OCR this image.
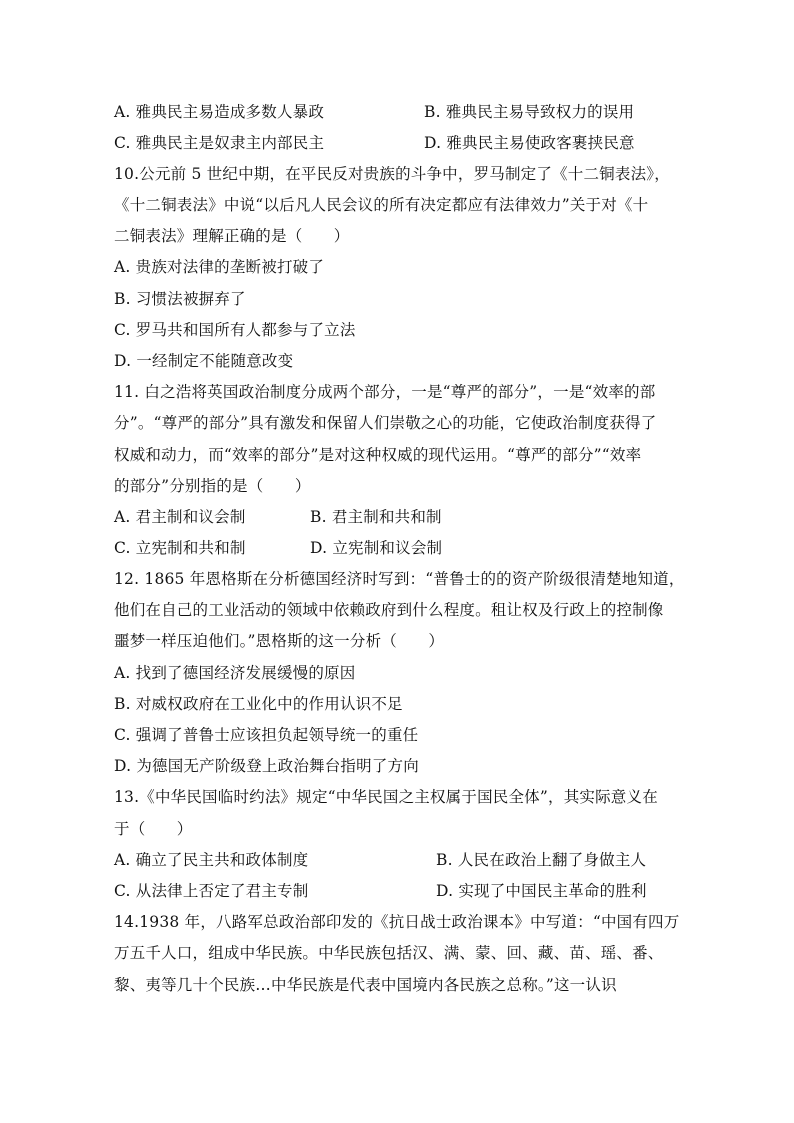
A. 雅典民主易造成多数人暴政	B. 雅典民主易导致权力的误用
C. 雅典民主是奴隶主内部民主	D. 雅典民主易使政客裹挟民意
10.公元前 5 世纪中期，在平民反对贵族的斗争中，罗马制定了《十二铜表法》，
《十二铜表法》中说“以后凡人民会议的所有决定都应有法律效力”关于对《十
二铜表法》理解正确的是（　　）
A. 贵族对法律的垄断被打破了
B. 习惯法被摒弃了
C. 罗马共和国所有人都参与了立法
D. 一经制定不能随意改变
11. 白之浩将英国政治制度分成两个部分，一是“尊严的部分”，一是“效率的部
分”。“尊严的部分”具有激发和保留人们崇敬之心的功能，它使政治制度获得了
权威和动力，而“效率的部分”是对这种权威的现代运用。“尊严的部分”“效率
的部分”分别指的是（　　）
A. 君主制和议会制	B. 君主制和共和制
C. 立宪制和共和制	D. 立宪制和议会制
12. 1865 年恩格斯在分析德国经济时写到：“普鲁士的的资产阶级很清楚地知道，
他们在自己的工业活动的领域中依赖政府到什么程度。租让权及行政上的控制像
噩梦一样压迫他们。”恩格斯的这一分析（　　）
A. 找到了德国经济发展缓慢的原因
B. 对威权政府在工业化中的作用认识不足
C. 强调了普鲁士应该担负起领导统一的重任
D. 为德国无产阶级登上政治舞台指明了方向
13.《中华民国临时约法》规定“中华民国之主权属于国民全体”，其实际意义在
于（　　）
A. 确立了民主共和政体制度	B. 人民在政治上翻了身做主人
C. 从法律上否定了君主专制	D. 实现了中国民主革命的胜利
14.1938 年，八路军总政治部印发的《抗日战士政治课本》中写道：“中国有四万
万五千人口，组成中华民族。中华民族包括汉、满、蒙、回、藏、苗、瑶、番、
黎、夷等几十个民族…中华民族是代表中国境内各民族之总称。”这一认识
